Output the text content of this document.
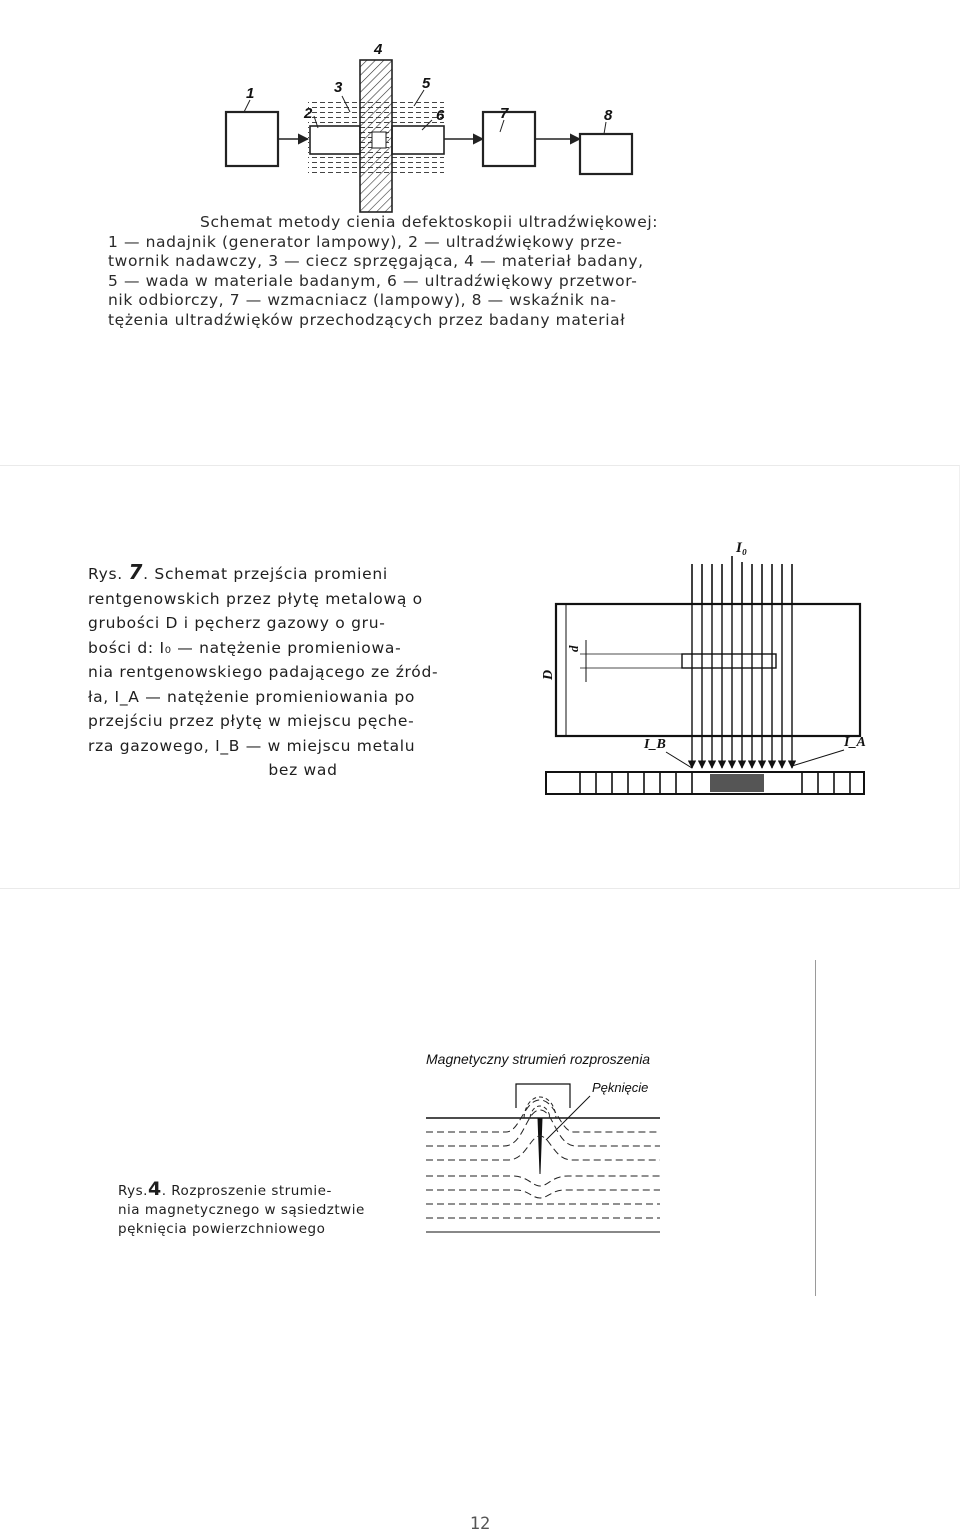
1
2
3
4
5
6	7	8
Schemat metody cienia defektoskopii ultradźwiękowej:
1 — nadajnik (generator lampowy), 2 — ultradźwiękowy prze-
twornik nadawczy, 3 — ciecz sprzęgająca, 4 — materiał badany,
5 — wada w materiale badanym, 6 — ultradźwiękowy przetwor-
nik odbiorczy, 7 — wzmacniacz (lampowy), 8 — wskaźnik na-
tężenia ultradźwięków przechodzących przez badany materiał
Rys. 7. Schemat przejścia promieni
rentgenowskich przez płytę metalową o
grubości D i pęcherz gazowy o gru-
bości d: I₀ — natężenie promieniowa-
nia rentgenowskiego padającego ze źród-
ła, I_A — natężenie promieniowania po
przejściu przez płytę w miejscu pęche-
rza gazowego, I_B — w miejscu metalu
bez wad
I₀
D
d
I_B	I_A
Magnetyczny strumień rozproszenia
Pęknięcie
Rys.4. Rozproszenie strumie-
nia magnetycznego w sąsiedztwie
pęknięcia powierzchniowego
12
